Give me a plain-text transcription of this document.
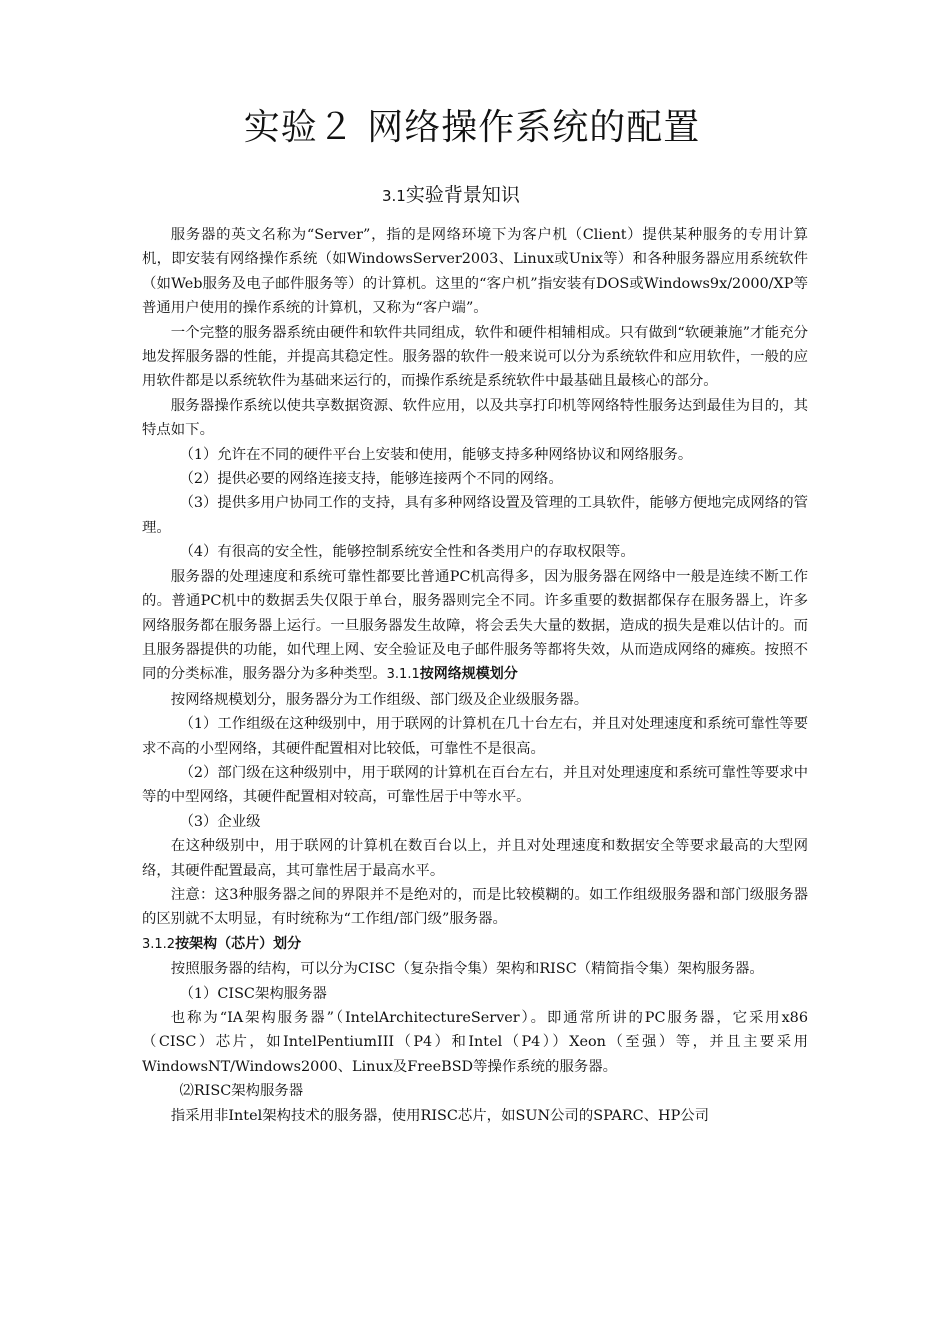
实验２ 网络操作系统的配置
3.1实验背景知识

服务器的英文名称为“Server”，指的是网络环境下为客户机（Client）提供某种服务的专用计算机，即安装有网络操作系统（如WindowsServer2003、Linux或Unix等）和各种服务器应用系统软件（如Web服务及电子邮件服务等）的计算机。这里的“客户机”指安装有DOS或Windows9x/2000/XP等普通用户使用的操作系统的计算机，又称为“客户端”。

一个完整的服务器系统由硬件和软件共同组成，软件和硬件相辅相成。只有做到“软硬兼施”才能充分地发挥服务器的性能，并提高其稳定性。服务器的软件一般来说可以分为系统软件和应用软件，一般的应用软件都是以系统软件为基础来运行的，而操作系统是系统软件中最基础且最核心的部分。

服务器操作系统以使共享数据资源、软件应用，以及共享打印机等网络特性服务达到最佳为目的，其特点如下。

（1）允许在不同的硬件平台上安装和使用，能够支持多种网络协议和网络服务。

（2）提供必要的网络连接支持，能够连接两个不同的网络。

（3）提供多用户协同工作的支持，具有多种网络设置及管理的工具软件，能够方便地完成网络的管理。

（4）有很高的安全性，能够控制系统安全性和各类用户的存取权限等。

服务器的处理速度和系统可靠性都要比普通PC机高得多，因为服务器在网络中一般是连续不断工作的。普通PC机中的数据丢失仅限于单台，服务器则完全不同。许多重要的数据都保存在服务器上，许多网络服务都在服务器上运行。一旦服务器发生故障，将会丢失大量的数据，造成的损失是难以估计的。而且服务器提供的功能，如代理上网、安全验证及电子邮件服务等都将失效，从而造成网络的瘫痪。按照不同的分类标准，服务器分为多种类型。3.1.1按网络规模划分

按网络规模划分，服务器分为工作组级、部门级及企业级服务器。

（1）工作组级在这种级别中，用于联网的计算机在几十台左右，并且对处理速度和系统可靠性等要求不高的小型网络，其硬件配置相对比较低，可靠性不是很高。

（2）部门级在这种级别中，用于联网的计算机在百台左右，并且对处理速度和系统可靠性等要求中等的中型网络，其硬件配置相对较高，可靠性居于中等水平。

（3）企业级

在这种级别中，用于联网的计算机在数百台以上，并且对处理速度和数据安全等要求最高的大型网络，其硬件配置最高，其可靠性居于最高水平。

注意：这3种服务器之间的界限并不是绝对的，而是比较模糊的。如工作组级服务器和部门级服务器的区别就不太明显，有时统称为“工作组/部门级”服务器。

3.1.2按架构（芯片）划分

按照服务器的结构，可以分为CISC（复杂指令集）架构和RISC（精简指令集）架构服务器。

（1）CISC架构服务器

也称为“IA架构服务器”（IntelArchitectureServer）。即通常所讲的PC服务器，它采用x86（CISC）芯片，如IntelPentiumIII（P4）和Intel（P4））Xeon（至强）等，并且主要采用WindowsNT/Windows2000、Linux及FreeBSD等操作系统的服务器。

⑵RISC架构服务器

指采用非Intel架构技术的服务器，使用RISC芯片，如SUN公司的SPARC、HP公司
